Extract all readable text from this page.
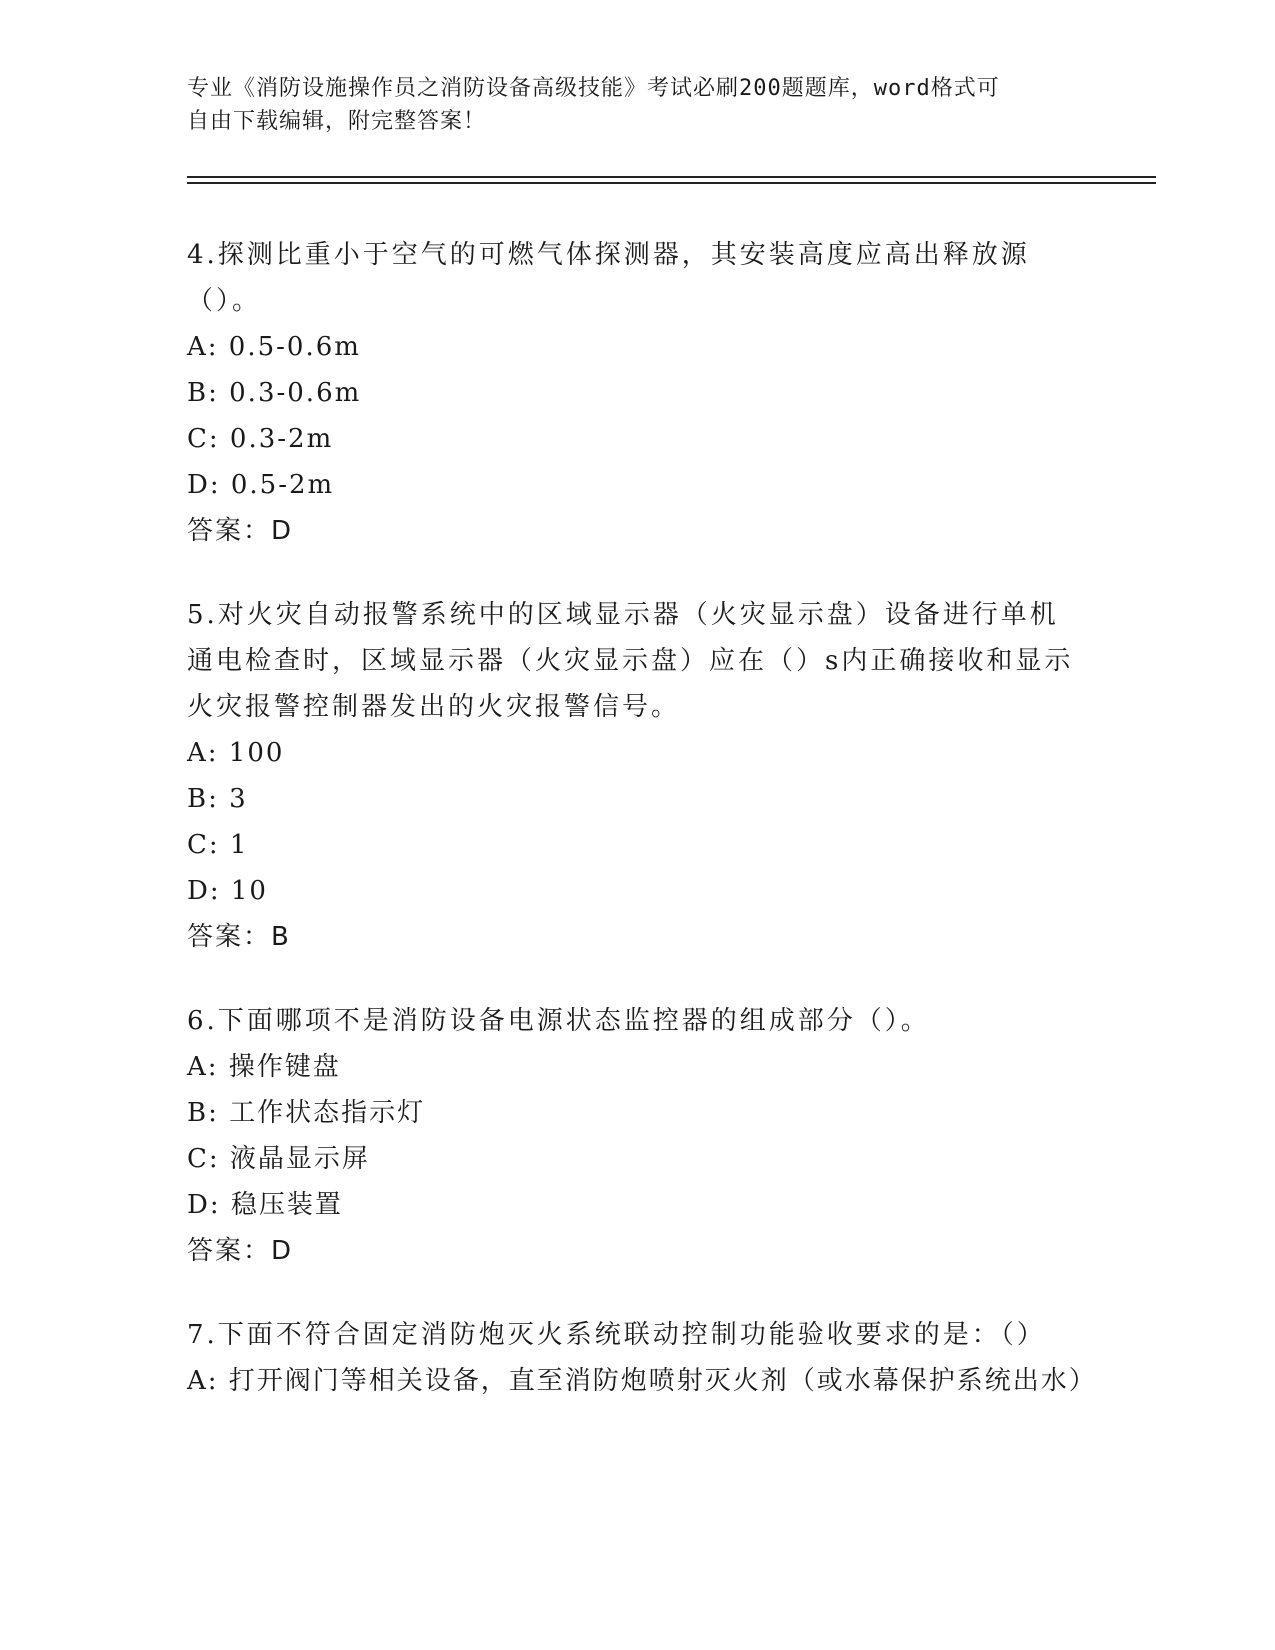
专业《消防设施操作员之消防设备高级技能》考试必刷200题题库，word格式可
自由下载编辑，附完整答案！

4.探测比重小于空气的可燃气体探测器，其安装高度应高出释放源（）。

A: 0.5-0.6m

B: 0.3-0.6m

C: 0.3-2m

D: 0.5-2m

答案：D

5.对火灾自动报警系统中的区域显示器（火灾显示盘）设备进行单机通电检查时，区域显示器（火灾显示盘）应在（）s内正确接收和显示火灾报警控制器发出的火灾报警信号。

A: 100

B: 3

C: 1

D: 10

答案：B

6.下面哪项不是消防设备电源状态监控器的组成部分（）。

A: 操作键盘

B: 工作状态指示灯

C: 液晶显示屏

D: 稳压装置

答案：D

7.下面不符合固定消防炮灭火系统联动控制功能验收要求的是：（）

A: 打开阀门等相关设备，直至消防炮喷射灭火剂（或水幕保护系统出水）
